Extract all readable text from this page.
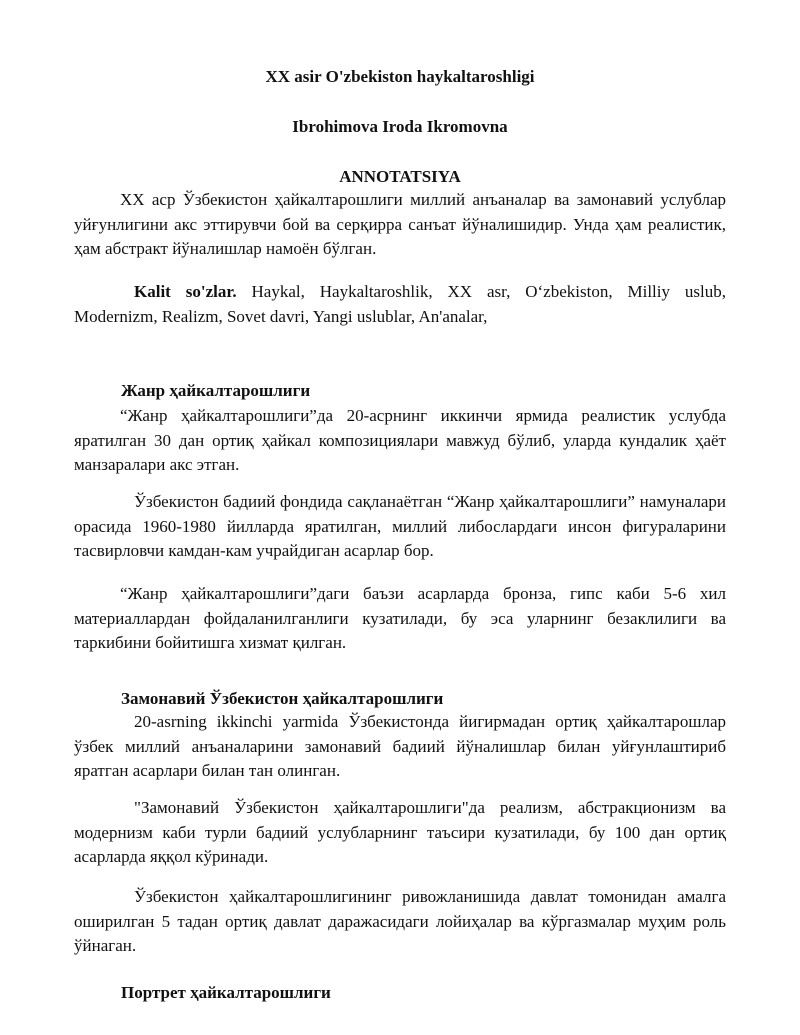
XX asir O'zbekiston haykaltaroshligi

Ibrohimova Iroda Ikromovna

ANNOTATSIYA

XX аср Ўзбекистон ҳайкалтарошлиги миллий анъаналар ва замонавий услублар уйғунлигини акс эттирувчи бой ва серқирра санъат йўналишидир. Унда ҳам реалистик, ҳам абстракт йўналишлар намоён бўлган.

Kalit so'zlar. Haykal, Haykaltaroshlik, XX asr, O‘zbekiston, Milliy uslub, Modernizm, Realizm, Sovet davri, Yangi uslublar, An'analar,

Жанр ҳайкалтарошлиги

“Жанр ҳайкалтарошлиги”да 20-асрнинг иккинчи ярмида реалистик услубда яратилган 30 дан ортиқ ҳайкал композициялари мавжуд бўлиб, уларда кундалик ҳаёт манзаралари акс этган.

Ўзбекистон бадиий фондида сақланаётган “Жанр ҳайкалтарошлиги” намуналари орасида 1960-1980 йилларда яратилган, миллий либослардаги инсон фигураларини тасвирловчи камдан-кам учрайдиган асарлар бор.

“Жанр ҳайкалтарошлиги”даги баъзи асарларда бронза, гипс каби 5-6 хил материаллардан фойдаланилганлиги кузатилади, бу эса уларнинг безаклилиги ва таркибини бойитишга хизмат қилган.

Замонавий Ўзбекистон ҳайкалтарошлиги

20-asrning ikkinchi yarmida Ўзбекистонда йигирмадан ортиқ ҳайкалтарошлар ўзбек миллий анъаналарини замонавий бадиий йўналишлар билан уйғунлаштириб яратган асарлари билан тан олинган.

"Замонавий Ўзбекистон ҳайкалтарошлиги"да реализм, абстракционизм ва модернизм каби турли бадиий услубларнинг таъсири кузатилади, бу 100 дан ортиқ асарларда яққол кўринади.

Ўзбекистон ҳайкалтарошлигининг ривожланишида давлат томонидан амалга оширилган 5 тадан ортиқ давлат даражасидаги лойиҳалар ва кўргазмалар муҳим роль ўйнаган.

Портрет ҳайкалтарошлиги
